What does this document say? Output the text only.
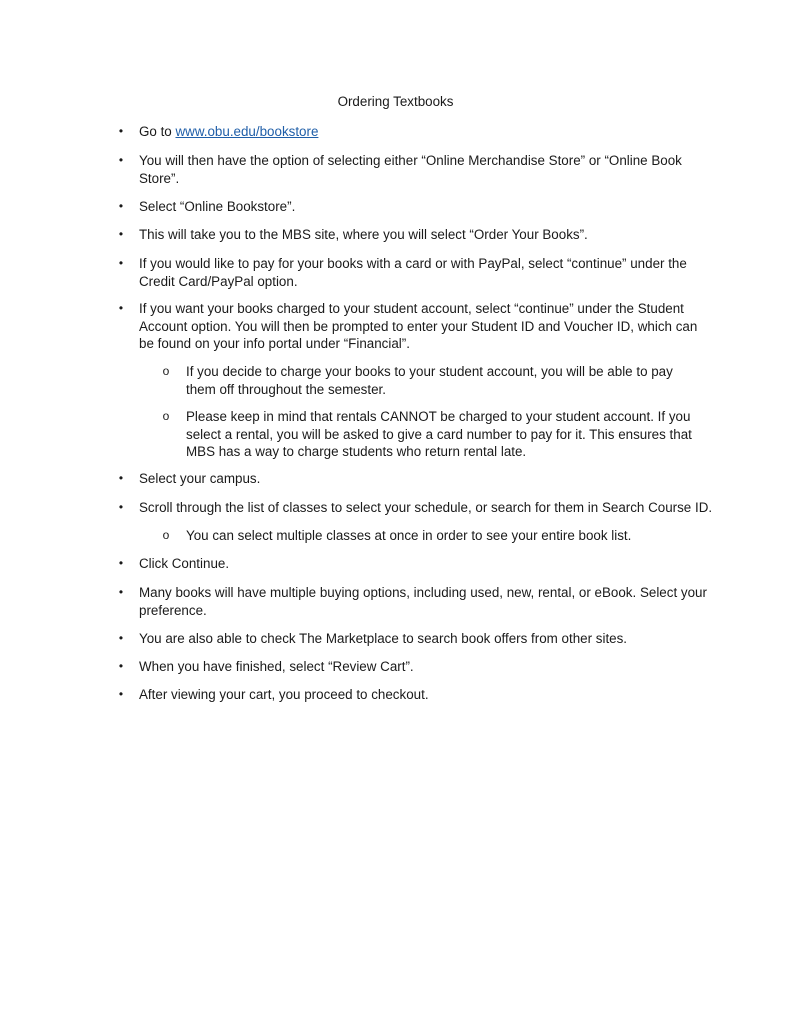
Ordering Textbooks
• Go to www.obu.edu/bookstore
• You will then have the option of selecting either “Online Merchandise Store” or “Online Book Store”.
• Select “Online Bookstore”.
• This will take you to the MBS site, where you will select “Order Your Books”.
• If you would like to pay for your books with a card or with PayPal, select “continue” under the Credit Card/PayPal option.
• If you want your books charged to your student account, select “continue” under the Student Account option. You will then be prompted to enter your Student ID and Voucher ID, which can be found on your info portal under “Financial”.
o If you decide to charge your books to your student account, you will be able to pay them off throughout the semester.
o Please keep in mind that rentals CANNOT be charged to your student account. If you select a rental, you will be asked to give a card number to pay for it. This ensures that MBS has a way to charge students who return rental late.
• Select your campus.
• Scroll through the list of classes to select your schedule, or search for them in Search Course ID.
o You can select multiple classes at once in order to see your entire book list.
• Click Continue.
• Many books will have multiple buying options, including used, new, rental, or eBook. Select your preference.
• You are also able to check The Marketplace to search book offers from other sites.
• When you have finished, select “Review Cart”.
• After viewing your cart, you proceed to checkout.
